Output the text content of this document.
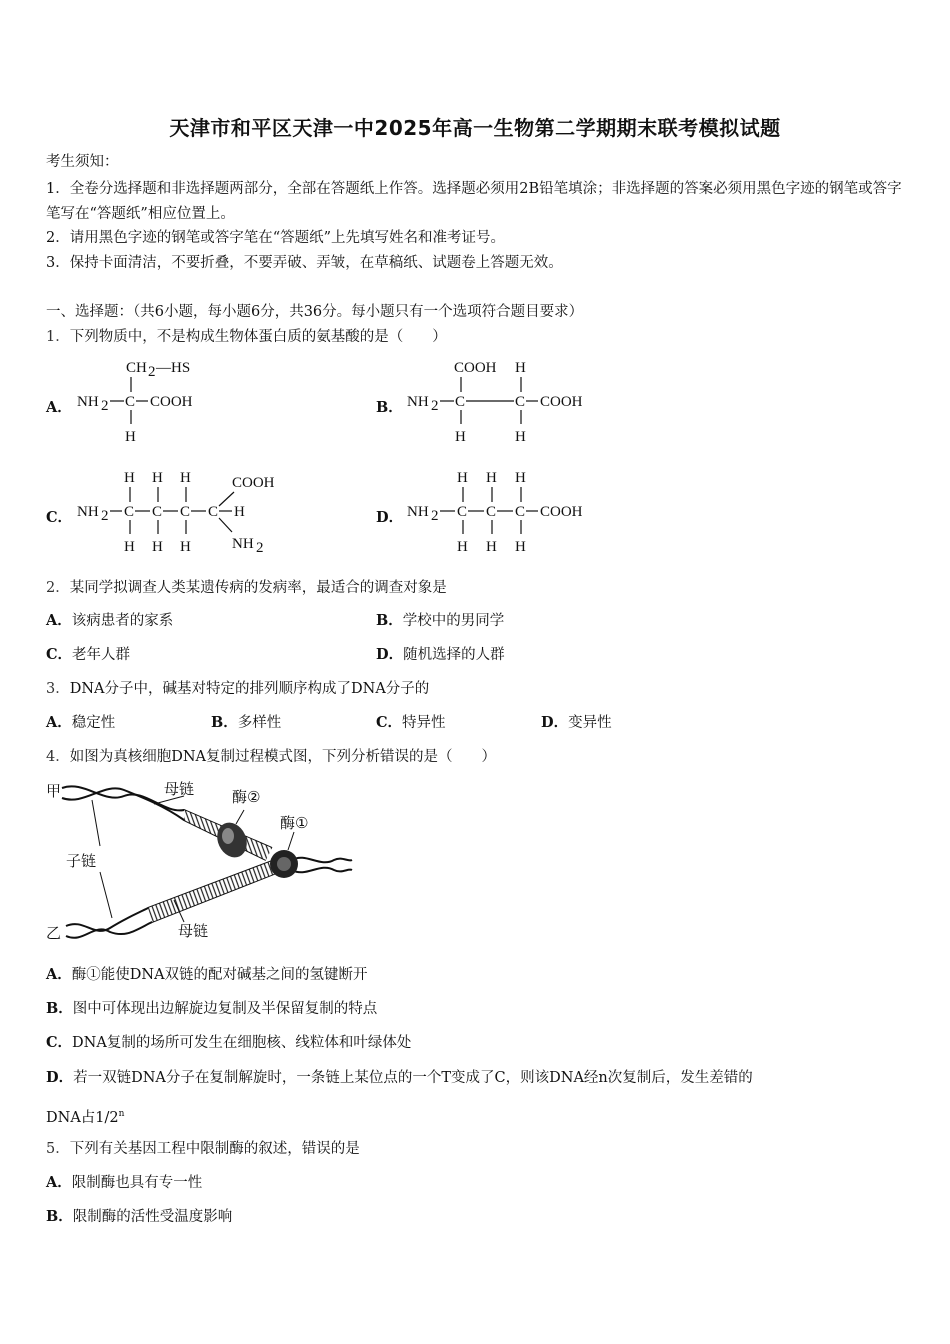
天津市和平区天津一中2025年高一生物第二学期期末联考模拟试题
考生须知：
1．全卷分选择题和非选择题两部分，全部在答题纸上作答。选择题必须用2B铅笔填涂；非选择题的答案必须用黑色字迹的钢笔或答字笔写在“答题纸”相应位置上。
2．请用黑色字迹的钢笔或答字笔在“答题纸”上先填写姓名和准考证号。
3．保持卡面清洁，不要折叠，不要弄破、弄皱，在草稿纸、试题卷上答题无效。
一、选择题：（共6小题，每小题6分，共36分。每小题只有一个选项符合题目要求）
1．下列物质中，不是构成生物体蛋白质的氨基酸的是（　　）
A．
CH 2 —HS
NH 2 C COOH
H
B．
COOH H
NH 2 C	C COOH
H	H
C．
H H H	COOH
NH 2 C C C C H
H H H	NH 2
D．
H H H
NH 2 C C C COOH
H H H
2．某同学拟调查人类某遗传病的发病率，最适合的调查对象是
A．该病患者的家系	B．学校中的男同学
C．老年人群	D．随机选择的人群
3．DNA分子中，碱基对特定的排列顺序构成了DNA分子的
A．稳定性	B．多样性	C．特异性	D．变异性
4．如图为真核细胞DNA复制过程模式图，下列分析错误的是（　　）
甲	母链	酶②
酶①
子链
乙	母链
A．酶①能使DNA双链的配对碱基之间的氢键断开
B．图中可体现出边解旋边复制及半保留复制的特点
C．DNA复制的场所可发生在细胞核、线粒体和叶绿体处
D．若一双链DNA分子在复制解旋时，一条链上某位点的一个T变成了C，则该DNA经n次复制后，发生差错的
DNA占1/2$^n$
5．下列有关基因工程中限制酶的叙述，错误的是
A．限制酶也具有专一性
B．限制酶的活性受温度影响
